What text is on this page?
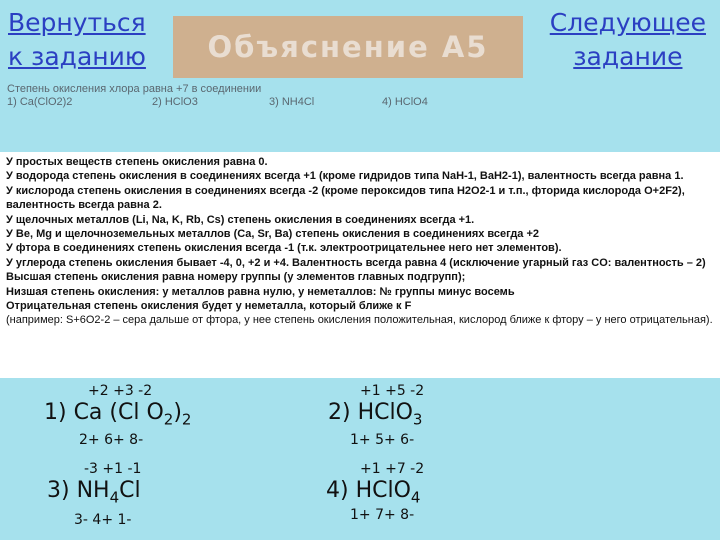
Вернуться
к заданию Объяснение А5
Следующее
задание
Степень окисления хлора равна +7 в соединении
1) Ca(ClO2)2	2) HClO3	3) NH4Cl	4) HClO4
У простых веществ степень окисления равна 0.
У водорода степень окисления в соединениях всегда +1 (кроме гидридов типа NaH-1, BaH2-1), валентность всегда равна 1.
У кислорода степень окисления в соединениях всегда -2 (кроме пероксидов типа H2O2-1 и т.п., фторида кислорода O+2F2),
валентность всегда равна 2.
У щелочных металлов (Li, Na, K, Rb, Cs) степень окисления в соединениях всегда +1.
У Be, Mg и щелочноземельных металлов (Ca, Sr, Ba) степень окисления в соединениях всегда +2
У фтора в соединениях степень окисления всегда -1 (т.к. электроотрицательнее него нет элементов).
У углерода степень окисления бывает -4, 0, +2 и +4. Валентность всегда равна 4 (исключение угарный газ CO: валентность – 2)
Высшая степень окисления равна номеру группы (у элементов главных подгрупп);
Низшая степень окисления: у металлов равна нулю, у неметаллов: № группы минус восемь
Отрицательная степень окисления будет у неметалла, который ближе к F
(например: S+6O2-2 – сера дальше от фтора, у нее степень окисления положительная, кислород ближе к фтору – у него отрицательная).
+2 +3 -2
1) Ca (Cl $O_2)_2$
2+ 6+ 8-
+1 +5 -2
2) HClO$_3$
1+ 5+ 6-
-3 +1 -1
3) $NH_4Cl$
3- 4+ 1-
+1 +7 -2
4) HClO$_4$
1+ 7+ 8-
